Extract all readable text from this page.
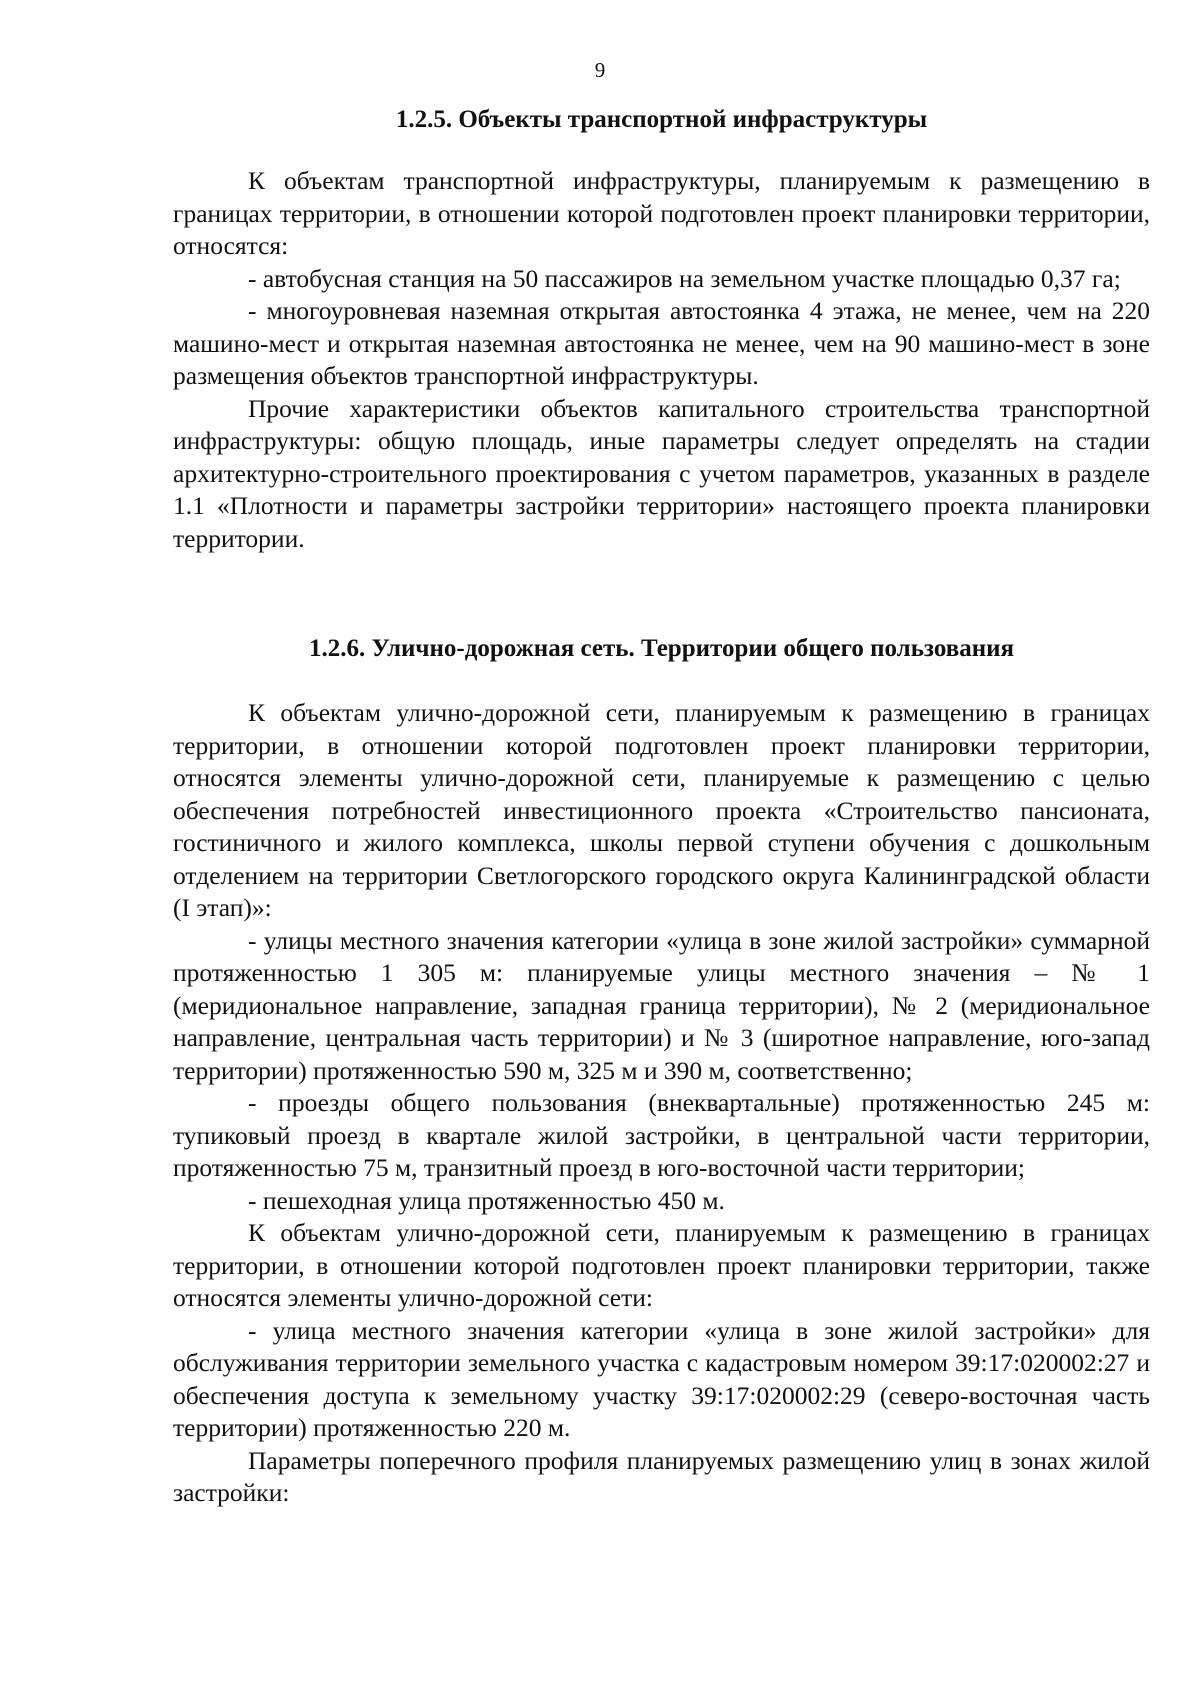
9
1.2.5. Объекты транспортной инфраструктуры

К объектам транспортной инфраструктуры, планируемым к размещению в границах территории, в отношении которой подготовлен проект планировки территории, относятся:

- автобусная станция на 50 пассажиров на земельном участке площадью 0,37 га;

- многоуровневая наземная открытая автостоянка 4 этажа, не менее, чем на 220 машино-мест и открытая наземная автостоянка не менее, чем на 90 машино-мест в зоне размещения объектов транспортной инфраструктуры.

Прочие характеристики объектов капитального строительства транспортной инфраструктуры: общую площадь, иные параметры следует определять на стадии архитектурно-строительного проектирования с учетом параметров, указанных в разделе 1.1 «Плотности и параметры застройки территории» настоящего проекта планировки территории.

1.2.6. Улично-дорожная сеть. Территории общего пользования

К объектам улично-дорожной сети, планируемым к размещению в границах территории, в отношении которой подготовлен проект планировки территории, относятся элементы улично-дорожной сети, планируемые к размещению с целью обеспечения потребностей инвестиционного проекта «Строительство пансионата, гостиничного и жилого комплекса, школы первой ступени обучения с дошкольным отделением на территории Светлогорского городского округа Калининградской области (I этап)»:

- улицы местного значения категории «улица в зоне жилой застройки» суммарной протяженностью 1 305 м: планируемые улицы местного значения – № 1 (меридиональное направление, западная граница территории), № 2 (меридиональное направление, центральная часть территории) и № 3 (широтное направление, юго-запад территории) протяженностью 590 м, 325 м и 390 м, соответственно;

- проезды общего пользования (внеквартальные) протяженностью 245 м: тупиковый проезд в квартале жилой застройки, в центральной части территории, протяженностью 75 м, транзитный проезд в юго-восточной части территории;

- пешеходная улица протяженностью 450 м.

К объектам улично-дорожной сети, планируемым к размещению в границах территории, в отношении которой подготовлен проект планировки территории, также относятся элементы улично-дорожной сети:

- улица местного значения категории «улица в зоне жилой застройки» для обслуживания территории земельного участка с кадастровым номером 39:17:020002:27 и обеспечения доступа к земельному участку 39:17:020002:29 (северо-восточная часть территории) протяженностью 220 м.

Параметры поперечного профиля планируемых размещению улиц в зонах жилой застройки:
